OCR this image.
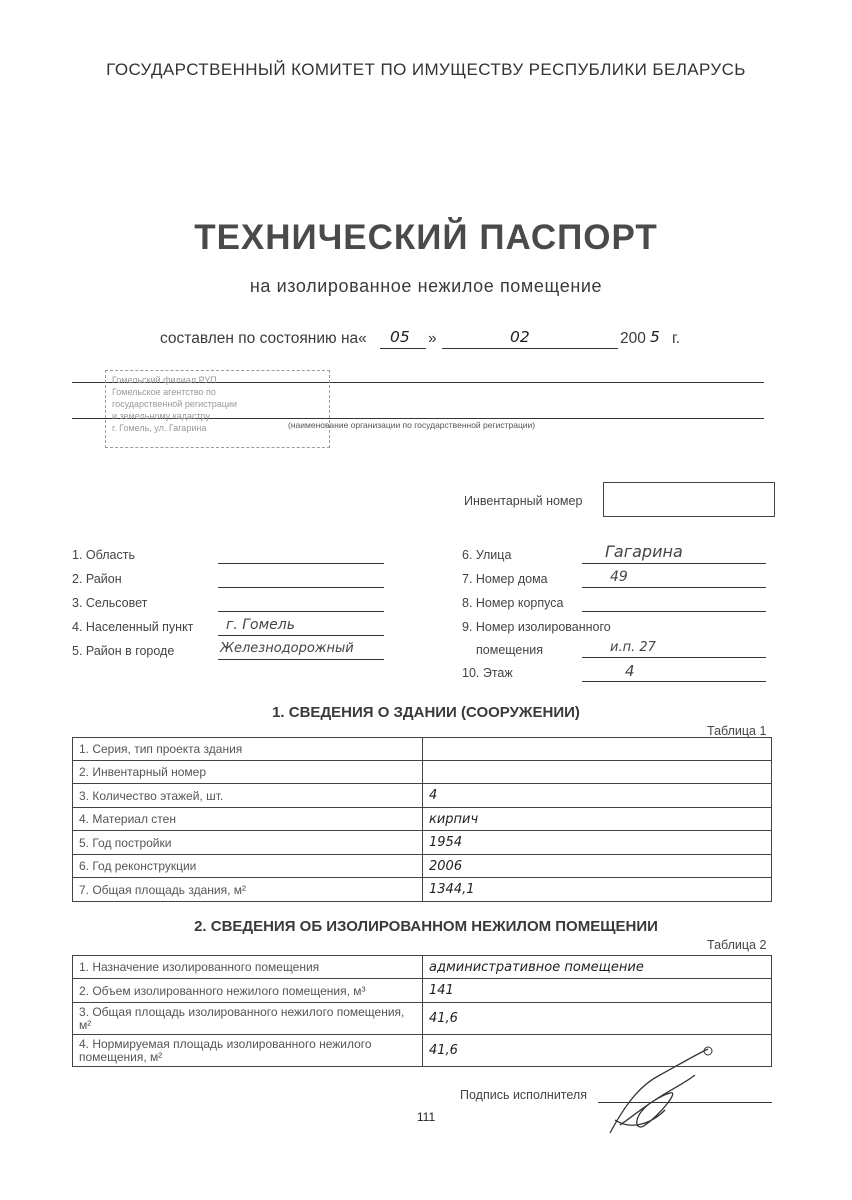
ГОСУДАРСТВЕННЫЙ КОМИТЕТ ПО ИМУЩЕСТВУ РЕСПУБЛИКИ БЕЛАРУСЬ
ТЕХНИЧЕСКИЙ ПАСПОРТ
на изолированное нежилое помещение
составлен по состоянию на« 05 »	02	200 5 г.
Гомельский филиал РУП
Гомельское агентство по
государственной регистрации
и земельному кадастру
г. Гомель, ул. Гагарина	(наименование организации по государственной регистрации)
Инвентарный номер
1. Область
2. Район
3. Сельсовет
4. Населенный пункт г. Гомель
5. Район в городе	Железнодорожный
6. Улица	Гагарина
7. Номер дома	49
8. Номер корпуса
9. Номер изолированного
помещения	и.п. 27
10. Этаж	4
1. СВЕДЕНИЯ О ЗДАНИИ (СООРУЖЕНИИ)
Таблица 1
1. Серия, тип проекта здания	
2. Инвентарный номер	
3. Количество этажей, шт.	4
4. Материал стен	кирпич
5. Год постройки	1954
6. Год реконструкции	2006
7. Общая площадь здания, м²	1344,1
2. СВЕДЕНИЯ ОБ ИЗОЛИРОВАННОМ НЕЖИЛОМ ПОМЕЩЕНИИ
Таблица 2
1. Назначение изолированного помещения	административное помещение
2. Объем изолированного нежилого помещения, м³	141
3. Общая площадь изолированного нежилого помещения, м²	41,6
4. Нормируемая площадь изолированного нежилого помещения, м²	41,6
Подпись исполнителя
111
